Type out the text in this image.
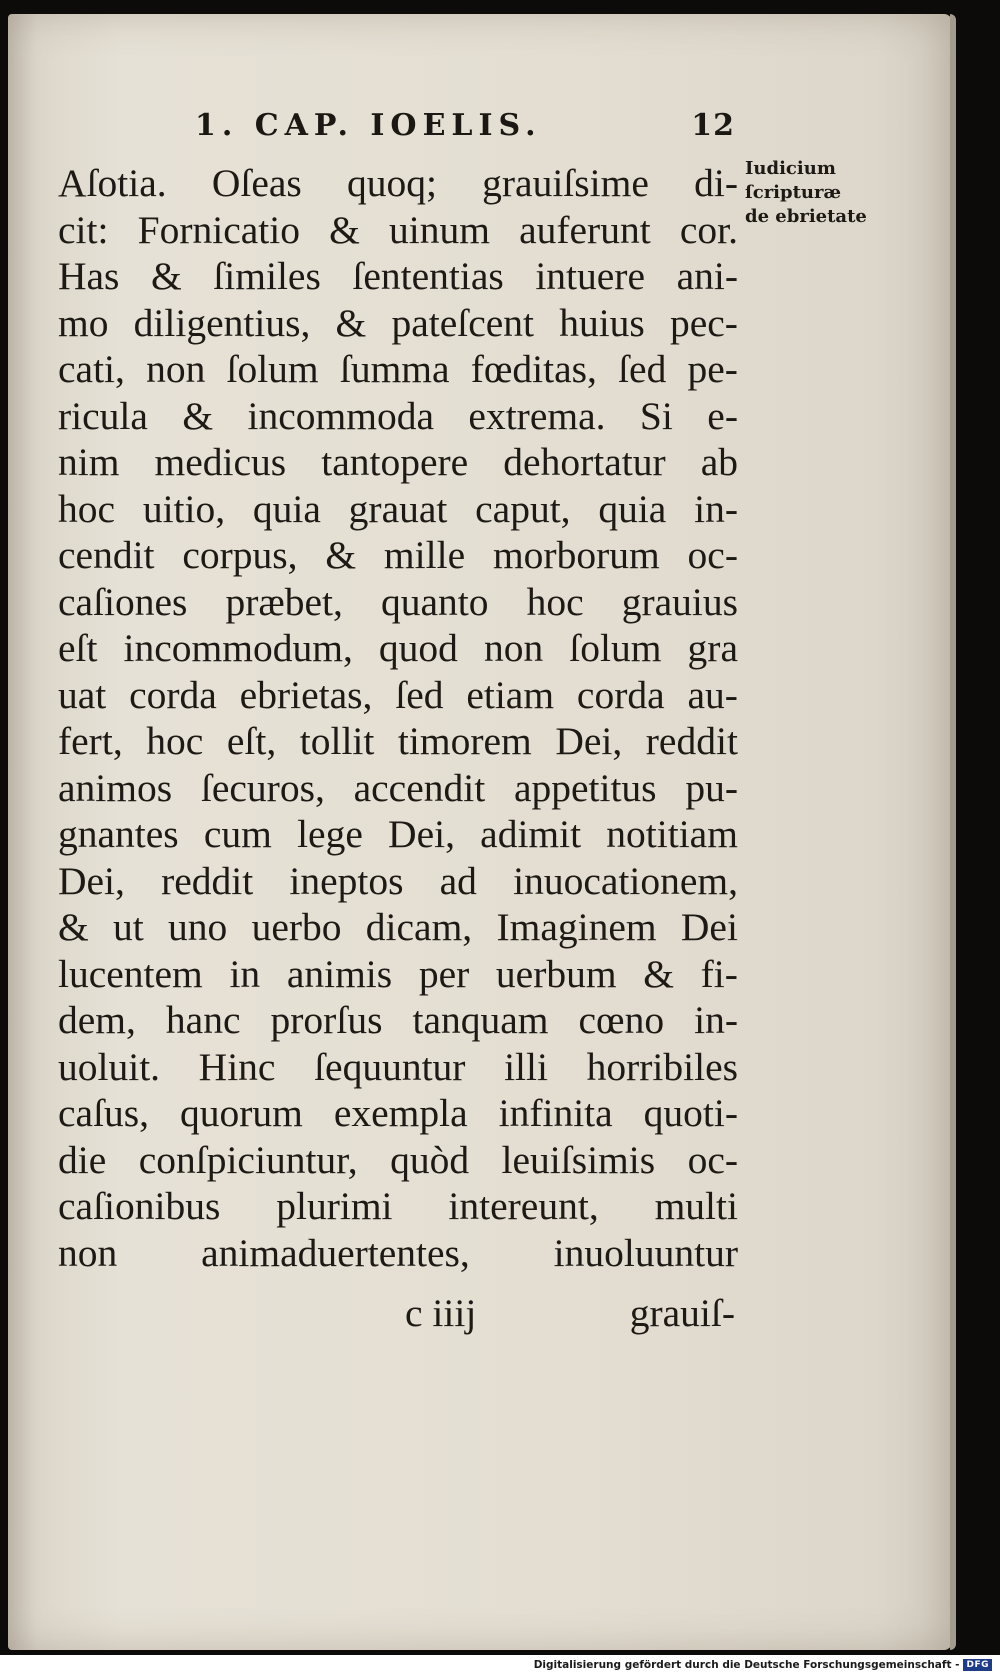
1. CAP. IOELIS.	12
Iudicium
ſcripturæ
de ebrietate
Aſotia. Oſeas quoq; grauiſsime di-
cit: Fornicatio & uinum auferunt cor.
Has & ſimiles ſententias intuere ani-
mo diligentius, & pateſcent huius pec-
cati, non ſolum ſumma fœditas, ſed pe-
ricula & incommoda extrema. Si e-
nim medicus tantopere dehortatur ab
hoc uitio, quia grauat caput, quia in-
cendit corpus, & mille morborum oc-
caſiones præbet, quanto hoc grauius
eſt incommodum, quod non ſolum gra
uat corda ebrietas, ſed etiam corda au-
fert, hoc eſt, tollit timorem Dei, reddit
animos ſecuros, accendit appetitus pu-
gnantes cum lege Dei, adimit notitiam
Dei, reddit ineptos ad inuocationem,
& ut uno uerbo dicam, Imaginem Dei
lucentem in animis per uerbum & fi-
dem, hanc prorſus tanquam cœno in-
uoluit. Hinc ſequuntur illi horribiles
caſus, quorum exempla infinita quoti-
die conſpiciuntur, quòd leuiſsimis oc-
caſionibus plurimi intereunt, multi
non animaduertentes, inuoluuntur
c iiij	grauiſ-
Digitalisierung gefördert durch die Deutsche Forschungsgemeinschaft - DFG
